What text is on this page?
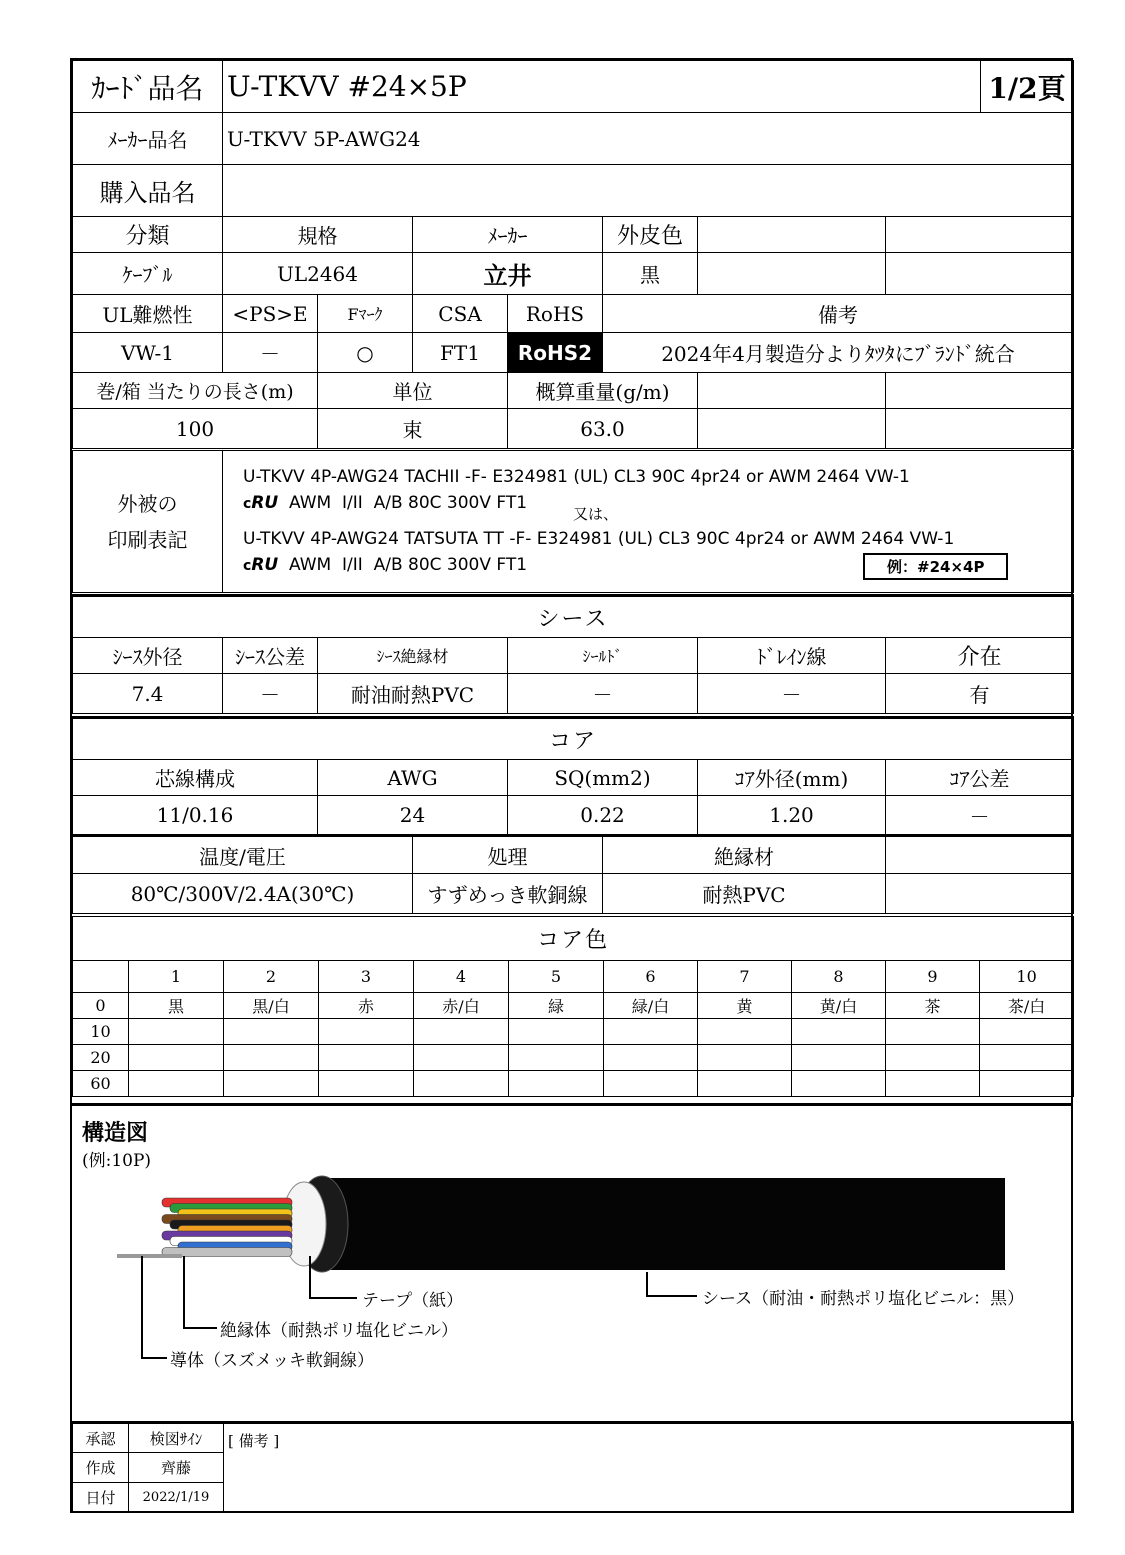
ｶｰﾄﾞ品名	U-TKVV #24×5P	1/2頁
ﾒｰｶｰ品名	U-TKVV 5P-AWG24	
購入品名		
分類	規格		ﾒｰｶｰ		外皮色		
ｹｰﾌﾞﾙ	UL2464		立井		黒		
UL難燃性	<PS>E	Fﾏｰｸ	CSA	RoHS	備考		
VW-1	－	○	FT1	RoHS2	2024年4月製造分よりﾀﾂﾀにﾌﾞﾗﾝﾄﾞ統合		
巻/箱 当たりの長さ(m)		単位		概算重量(g/m)			
100		束		63.0			
外被の
印刷表記

U-TKVV 4P-AWG24 TACHII -F- E324981 (UL) CL3 90C 4pr24 or AWM 2464 VW-1
cRU  AWM  I/II  A/B 80C 300V FT1
又は、
U-TKVV 4P-AWG24 TATSUTA TT -F- E324981 (UL) CL3 90C 4pr24 or AWM 2464 VW-1
cRU  AWM  I/II  A/B 80C 300V FT1	例：#24×4P
シース					
ｼｰｽ外径	ｼｰｽ公差	ｼｰｽ絶縁材	ｼｰﾙﾄﾞ	ﾄﾞﾚｲﾝ線	介在
7.4	－	耐油耐熱PVC	－	－	有
コア						
芯線構成	AWG		SQ(mm2)		ｺｱ外径(mm)	ｺｱ公差
11/0.16	24		0.22		1.20	－
温度/電圧		処理		絶縁材		
80℃/300V/2.4A(30℃)		すずめっき軟銅線		耐熱PVC		
コア色										
	1	2	3	4	5	6	7	8	9	10
0	黒	黒/白	赤	赤/白	緑	緑/白	黄	黄/白	茶	茶/白
10										
20										
60										
構造図
(例:10P)
テープ（紙）
絶縁体（耐熱ポリ塩化ビニル）
導体（スズメッキ軟銅線）
シース（耐油・耐熱ポリ塩化ビニル：黒）
承認	検図ｻｲﾝ	[ 備考 ]
作成	齊藤	
日付	2022/1/19	
